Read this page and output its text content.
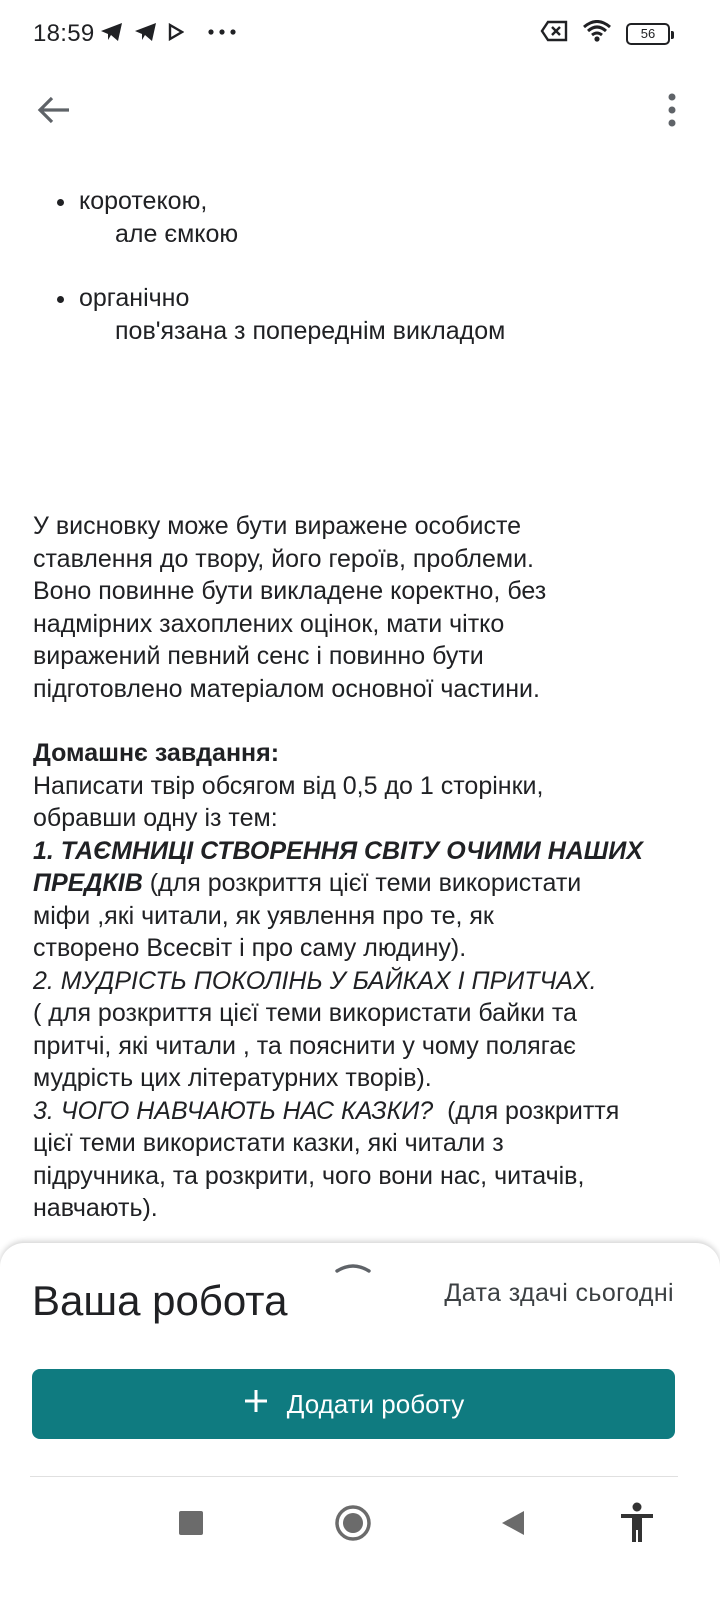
18:59	56
коротекою,
але ємкою
органічно
пов'язана з попереднім викладом
У висновку може бути виражене особисте
ставлення до твору, його героїв, проблеми.
Воно повинне бути викладене коректно, без
надмірних захоплених оцінок, мати чітко
виражений певний сенс і повинно бути
підготовлено матеріалом основної частини.
Домашнє завдання:
Написати твір обсягом від 0,5 до 1 сторінки,
обравши одну із тем:
1. ТАЄМНИЦІ СТВОРЕННЯ СВІТУ ОЧИМИ НАШИХ
ПРЕДКІВ (для розкриття цієї теми використати
міфи ,які читали, як уявлення про те, як
створено Всесвіт і про саму людину).
2. МУДРІСТЬ ПОКОЛІНЬ У БАЙКАХ І ПРИТЧАХ.
( для розкриття цієї теми використати байки та
притчі, які читали , та пояснити у чому полягає
мудрість цих літературних творів).
3. ЧОГО НАВЧАЮТЬ НАС КАЗКИ?  (для розкриття
цієї теми використати казки, які читали з
підручника, та розкрити, чого вони нас, читачів,
навчають).
Ваша робота	Дата здачі сьогодні
Додати роботу
